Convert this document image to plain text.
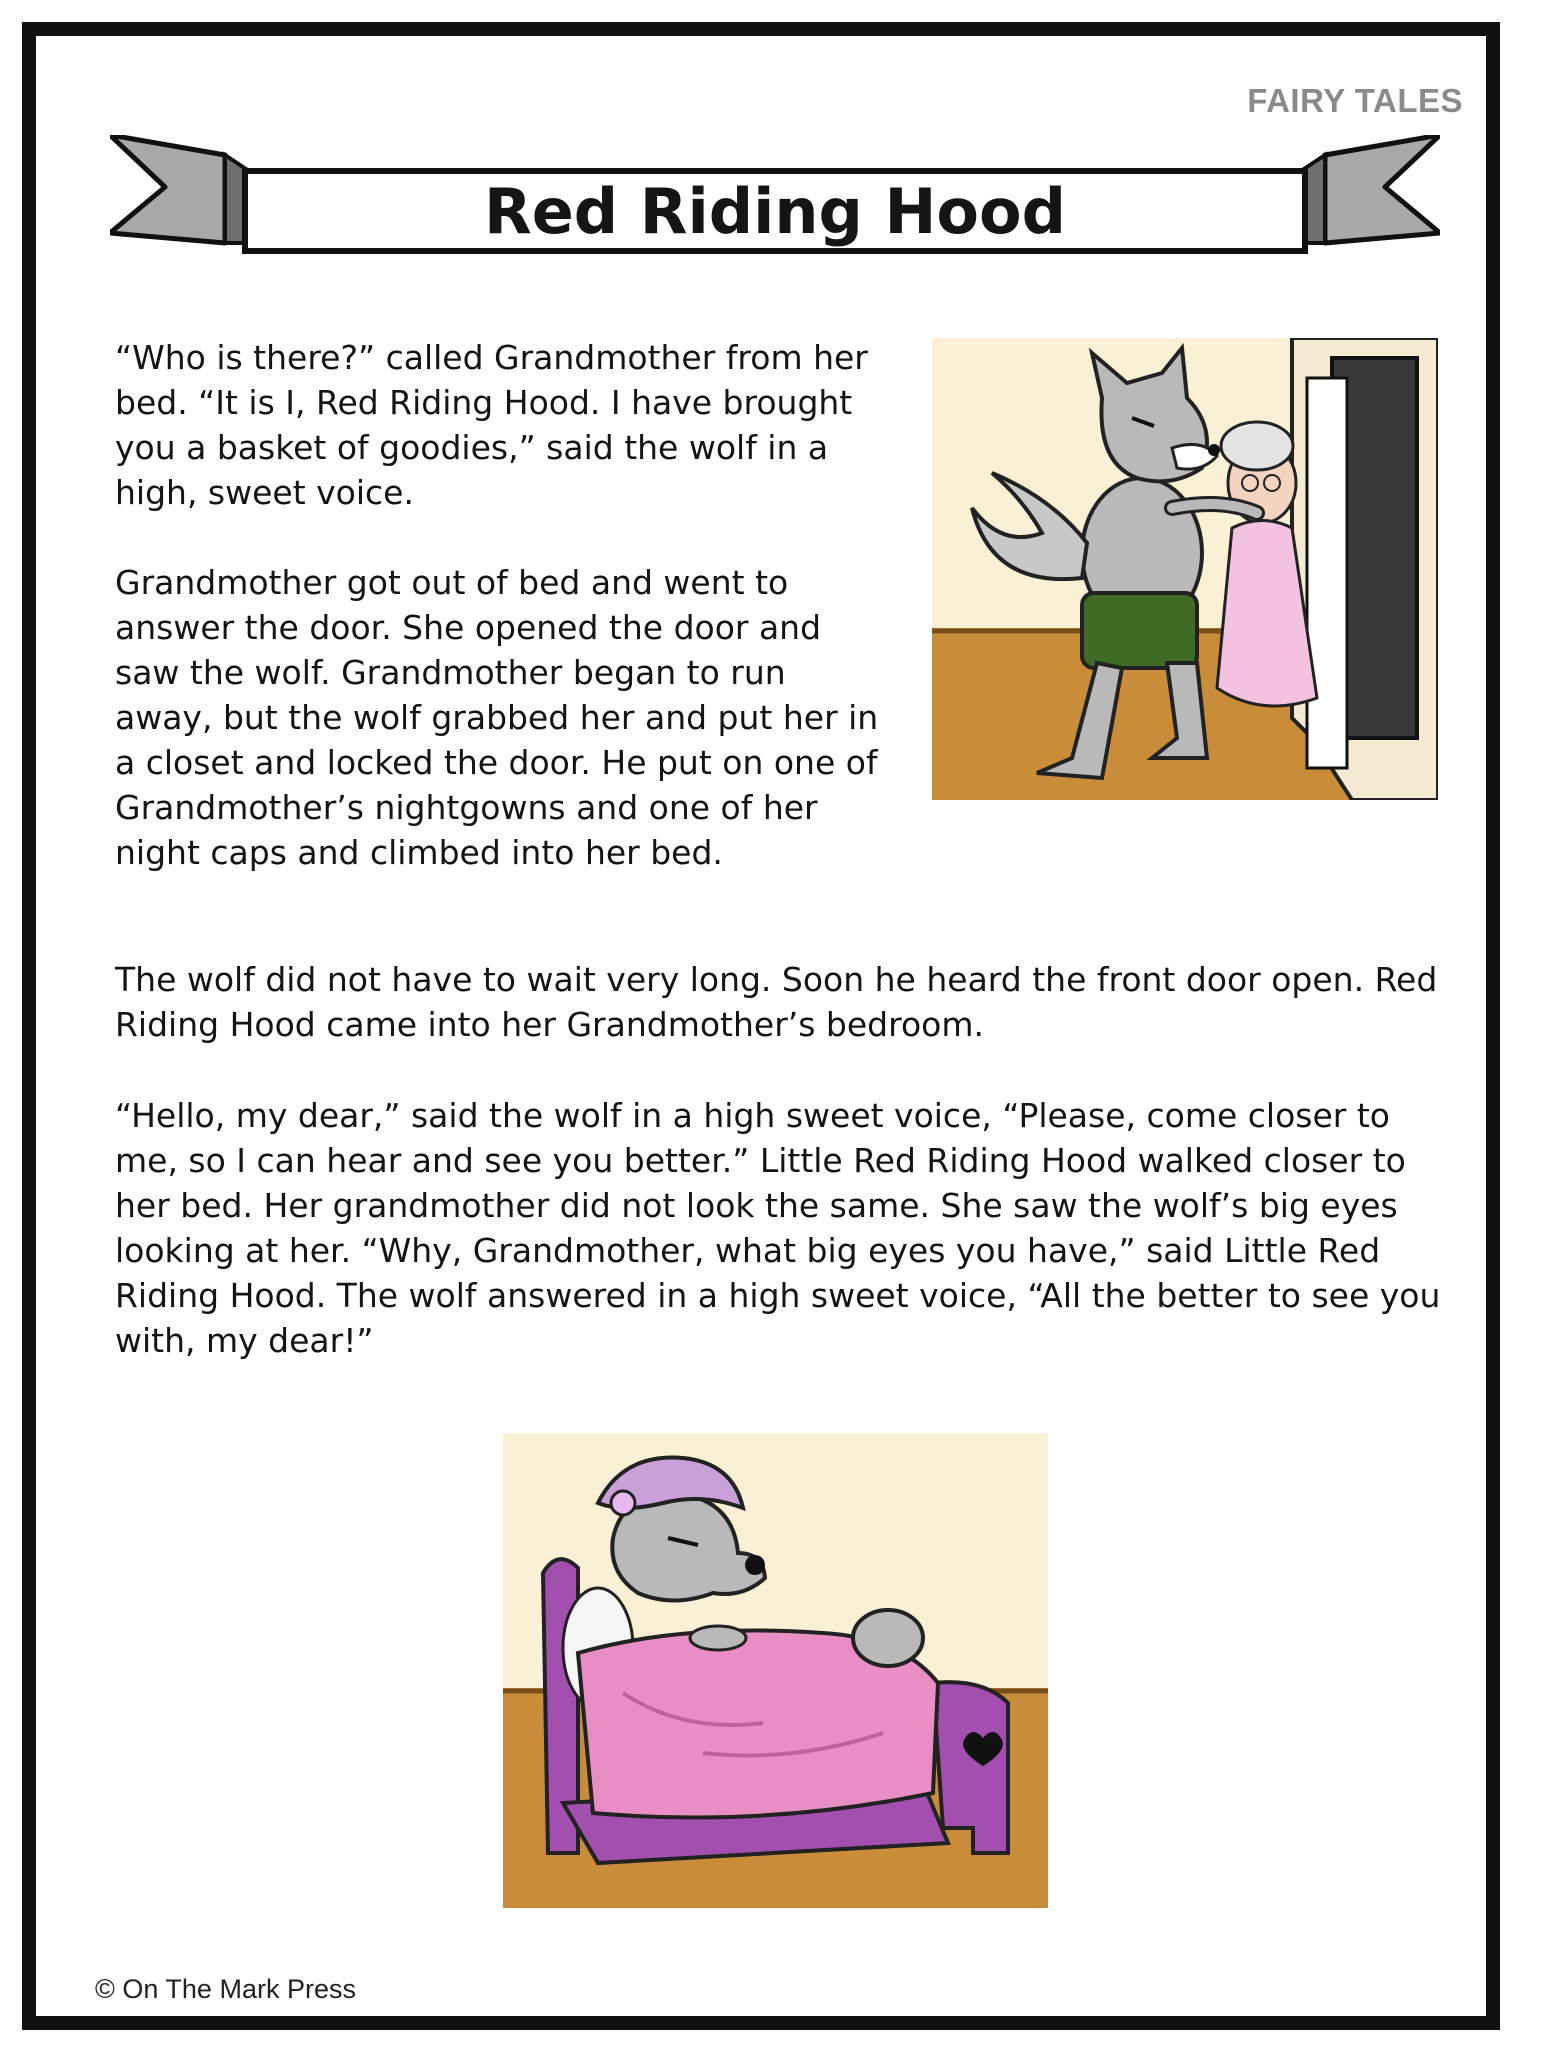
FAIRY TALES
Red Riding Hood

“Who is there?” called Grandmother from her bed. “It is I, Red Riding Hood. I have brought you a basket of goodies,” said the wolf in a high, sweet voice.

Grandmother got out of bed and went to answer the door. She opened the door and saw the wolf. Grandmother began to run away, but the wolf grabbed her and put her in a closet and locked the door. He put on one of Grandmother’s nightgowns and one of her night caps and climbed into her bed.

The wolf did not have to wait very long. Soon he heard the front door open. Red Riding Hood came into her Grandmother’s bedroom.

“Hello, my dear,” said the wolf in a high sweet voice, “Please, come closer to me, so I can hear and see you better.” Little Red Riding Hood walked closer to her bed. Her grandmother did not look the same. She saw the wolf’s big eyes looking at her. “Why, Grandmother, what big eyes you have,” said Little Red Riding Hood. The wolf answered in a high sweet voice, “All the better to see you with, my dear!”

© On The Mark Press
